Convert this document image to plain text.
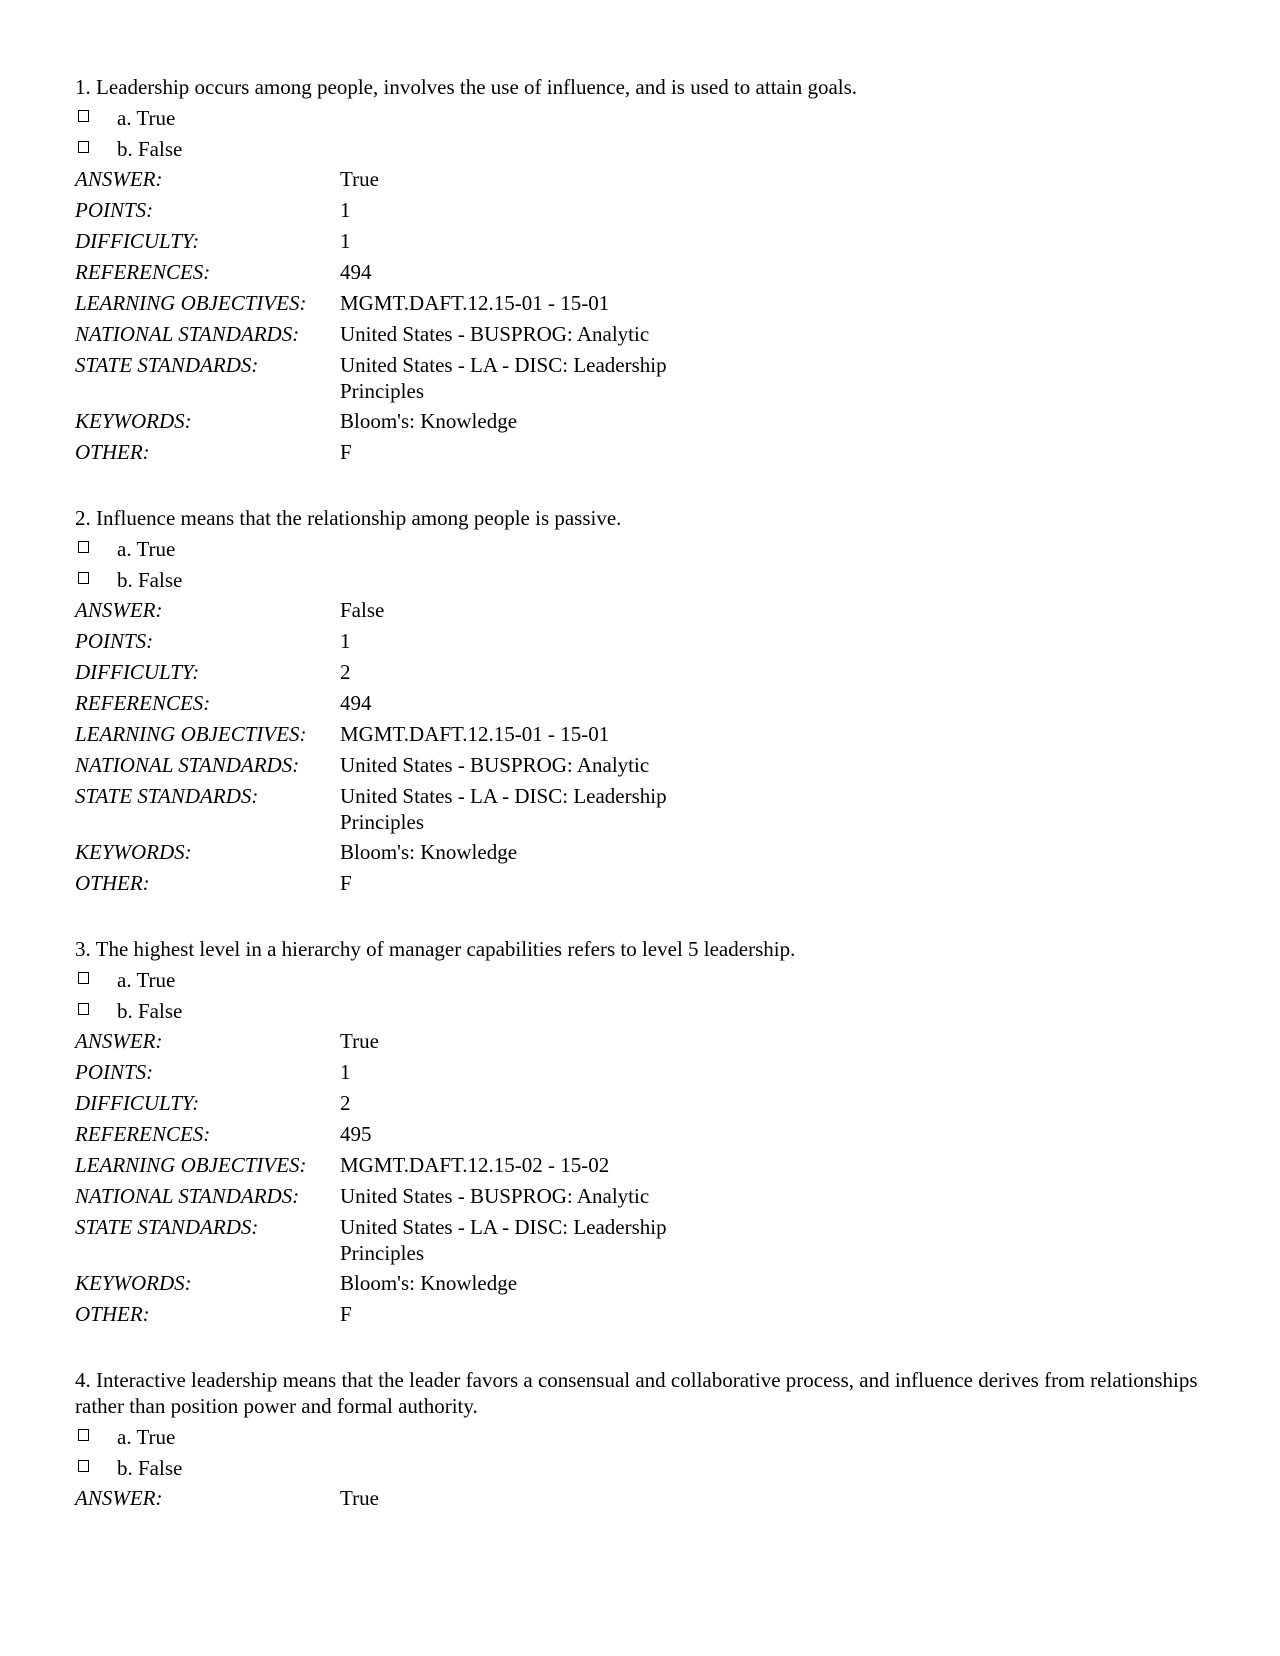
1. Leadership occurs among people, involves the use of influence, and is used to attain goals.

a. True
b. False
ANSWER:	True
POINTS:	1
DIFFICULTY:	1
REFERENCES:	494
LEARNING OBJECTIVES:	MGMT.DAFT.12.15-01 - 15-01
NATIONAL STANDARDS:	United States - BUSPROG: Analytic
STATE STANDARDS:	United States - LA - DISC: Leadership Principles
KEYWORDS:	Bloom's: Knowledge
OTHER:	F

2. Influence means that the relationship among people is passive.

a. True
b. False
ANSWER:	False
POINTS:	1
DIFFICULTY:	2
REFERENCES:	494
LEARNING OBJECTIVES:	MGMT.DAFT.12.15-01 - 15-01
NATIONAL STANDARDS:	United States - BUSPROG: Analytic
STATE STANDARDS:	United States - LA - DISC: Leadership Principles
KEYWORDS:	Bloom's: Knowledge
OTHER:	F

3. The highest level in a hierarchy of manager capabilities refers to level 5 leadership.

a. True
b. False
ANSWER:	True
POINTS:	1
DIFFICULTY:	2
REFERENCES:	495
LEARNING OBJECTIVES:	MGMT.DAFT.12.15-02 - 15-02
NATIONAL STANDARDS:	United States - BUSPROG: Analytic
STATE STANDARDS:	United States - LA - DISC: Leadership Principles
KEYWORDS:	Bloom's: Knowledge
OTHER:	F

4. Interactive leadership means that the leader favors a consensual and collaborative process, and influence derives from relationships rather than position power and formal authority.

a. True
b. False
ANSWER:	True
